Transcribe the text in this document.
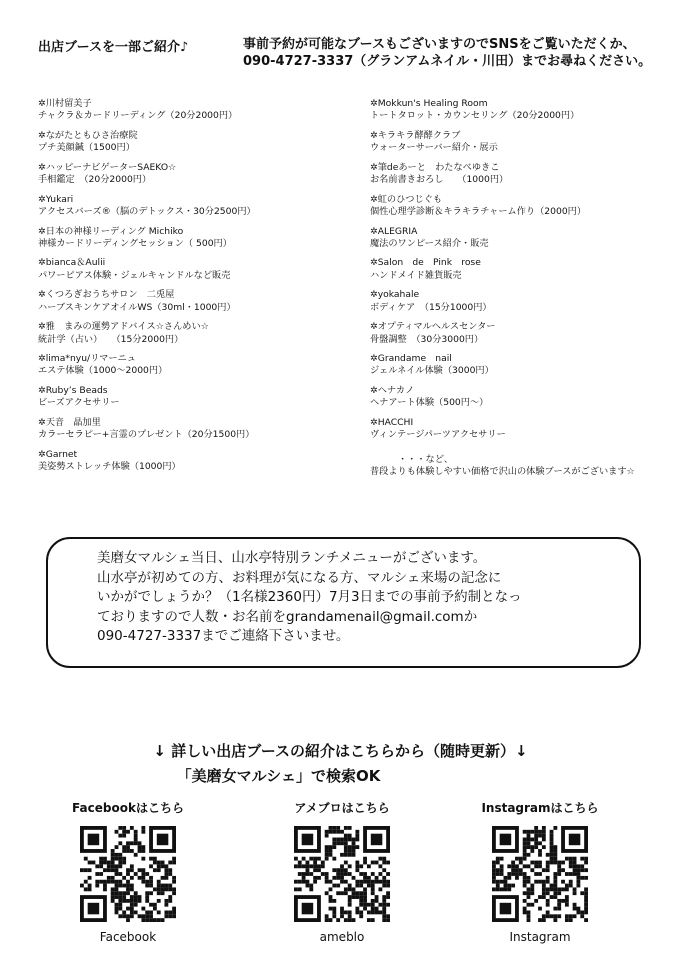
出店ブースを一部ご紹介♪	事前予約が可能なブースもございますのでSNSをご覧いただくか、
090-4727-3337（グランアムネイル・川田）までお尋ねください。
✲川村留美子
チャクラ＆カードリーディング（20分2000円）
✲ながたともひさ治療院
プチ美顔鍼（1500円）
✲ハッピーナビゲーターSAEKO☆
手相鑑定　（20分2000円）
✲Yukari
アクセスバーズ®（脳のデトックス・30分2500円）
✲日本の神様リーディング Michiko
神様カードリーディングセッション（ 500円）
✲bianca＆Aulii
パワーピアス体験・ジェルキャンドルなど販売
✲くつろぎおうちサロン　二兎屋
ハーブスキンケアオイルWS（30ml・1000円）
✲雅　まみの運勢アドバイス☆さんめい☆
統計学（占い）　　（15分2000円）
✲lima*nyu/リマーニュ
エステ体験（1000〜2000円）
✲Ruby’s Beads
ビーズアクセサリー
✲天音　晶加里
カラーセラピー+言霊のプレゼント（20分1500円）
✲Garnet
美姿勢ストレッチ体験（1000円）
✲Mokkun's Healing Room
トートタロット・カウンセリング（20分2000円）
✲キラキラ酵酵クラブ
ウォーターサーバー紹介・展示
✲筆deあーと　わたなべゆきこ
お名前書きおろし　　（1000円）
✲虹のひつじぐも
個性心理学診断＆キラキラチャーム作り（2000円）
✲ALEGRIA
魔法のワンピース紹介・販売
✲Salon　de　Pink　rose
ハンドメイド雑貨販売
✲yokahale
ボディケア　（15分1000円）
✲オプティマルヘルスセンター
骨盤調整　（30分3000円）
✲Grandame　nail
ジェルネイル体験（3000円）
✲ヘナカノ
ヘナアート体験（500円〜）
✲HACCHI
ヴィンテージパーツアクセサリー
・・・など、
普段よりも体験しやすい価格で沢山の体験ブースがございます☆
美磨女マルシェ当日、山水亭特別ランチメニューがございます。
山水亭が初めての方、お料理が気になる方、マルシェ来場の記念に
いかがでしょうか？（1名様2360円）7月3日までの事前予約制となっ
ておりますので人数・お名前をgrandamenail@gmail.comか
090-4727-3337までご連絡下さいませ。
↓ 詳しい出店ブースの紹介はこちらから（随時更新）↓
「美磨女マルシェ」で検索OK
Facebookはこちら
Facebook
アメブロはこちら
ameblo
Instagramはこちら
Instagram
